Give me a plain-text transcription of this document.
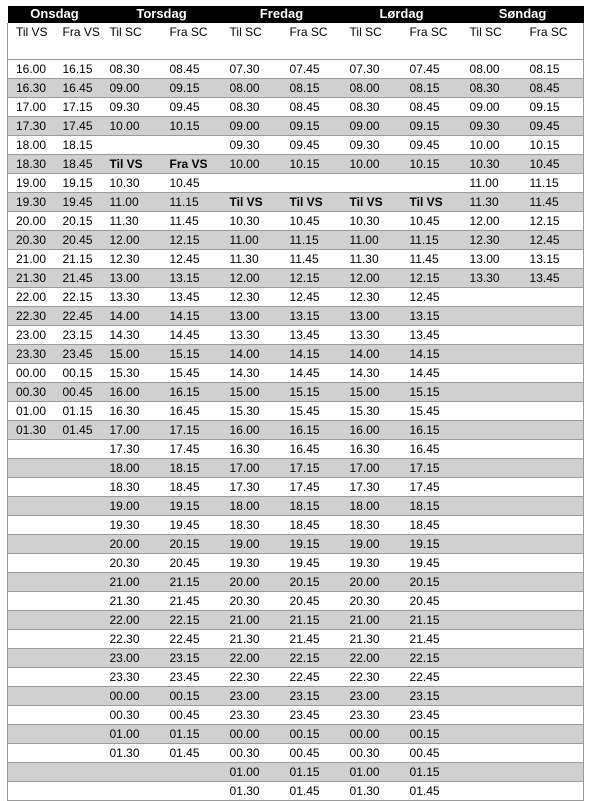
Onsdag		Torsdag		Fredag		Lørdag		Søndag	
Til VS	Fra VS	Til SC	Fra SC	Til SC	Fra SC	Til SC	Fra SC	Til SC	Fra SC
16.00	16.15	08.30	08.45	07.30	07.45	07.30	07.45	08.00	08.15
16.30	16.45	09.00	09.15	08.00	08.15	08.00	08.15	08.30	08.45
17.00	17.15	09.30	09.45	08.30	08.45	08.30	08.45	09.00	09.15
17.30	17.45	10.00	10.15	09.00	09.15	09.00	09.15	09.30	09.45
18.00	18.15			09.30	09.45	09.30	09.45	10.00	10.15
18.30	18.45	Til VS	Fra VS	10.00	10.15	10.00	10.15	10.30	10.45
19.00	19.15	10.30	10.45					11.00	11.15
19.30	19.45	11.00	11.15	Til VS	Til VS	Til VS	Til VS	11.30	11.45
20.00	20.15	11.30	11.45	10.30	10.45	10.30	10.45	12.00	12.15
20.30	20.45	12.00	12.15	11.00	11.15	11.00	11.15	12.30	12.45
21.00	21.15	12.30	12.45	11.30	11.45	11.30	11.45	13.00	13.15
21.30	21.45	13.00	13.15	12.00	12.15	12.00	12.15	13.30	13.45
22.00	22.15	13.30	13.45	12.30	12.45	12.30	12.45		
22.30	22.45	14.00	14.15	13.00	13.15	13.00	13.15		
23.00	23.15	14.30	14.45	13.30	13.45	13.30	13.45		
23.30	23.45	15.00	15.15	14.00	14.15	14.00	14.15		
00.00	00.15	15.30	15.45	14.30	14.45	14.30	14.45		
00.30	00.45	16.00	16.15	15.00	15.15	15.00	15.15		
01.00	01.15	16.30	16.45	15.30	15.45	15.30	15.45		
01.30	01.45	17.00	17.15	16.00	16.15	16.00	16.15		
		17.30	17.45	16.30	16.45	16.30	16.45		
		18.00	18.15	17.00	17.15	17.00	17.15		
		18.30	18.45	17.30	17.45	17.30	17.45		
		19.00	19.15	18.00	18.15	18.00	18.15		
		19.30	19.45	18.30	18.45	18.30	18.45		
		20.00	20.15	19.00	19.15	19.00	19.15		
		20.30	20.45	19.30	19.45	19.30	19.45		
		21.00	21.15	20.00	20.15	20.00	20.15		
		21.30	21.45	20.30	20.45	20.30	20.45		
		22.00	22.15	21.00	21.15	21.00	21.15		
		22.30	22.45	21.30	21.45	21.30	21.45		
		23.00	23.15	22.00	22.15	22.00	22.15		
		23.30	23.45	22.30	22.45	22.30	22.45		
		00.00	00.15	23.00	23.15	23.00	23.15		
		00.30	00.45	23.30	23.45	23.30	23.45		
		01.00	01.15	00.00	00.15	00.00	00.15		
		01.30	01.45	00.30	00.45	00.30	00.45		
				01.00	01.15	01.00	01.15		
				01.30	01.45	01.30	01.45		
